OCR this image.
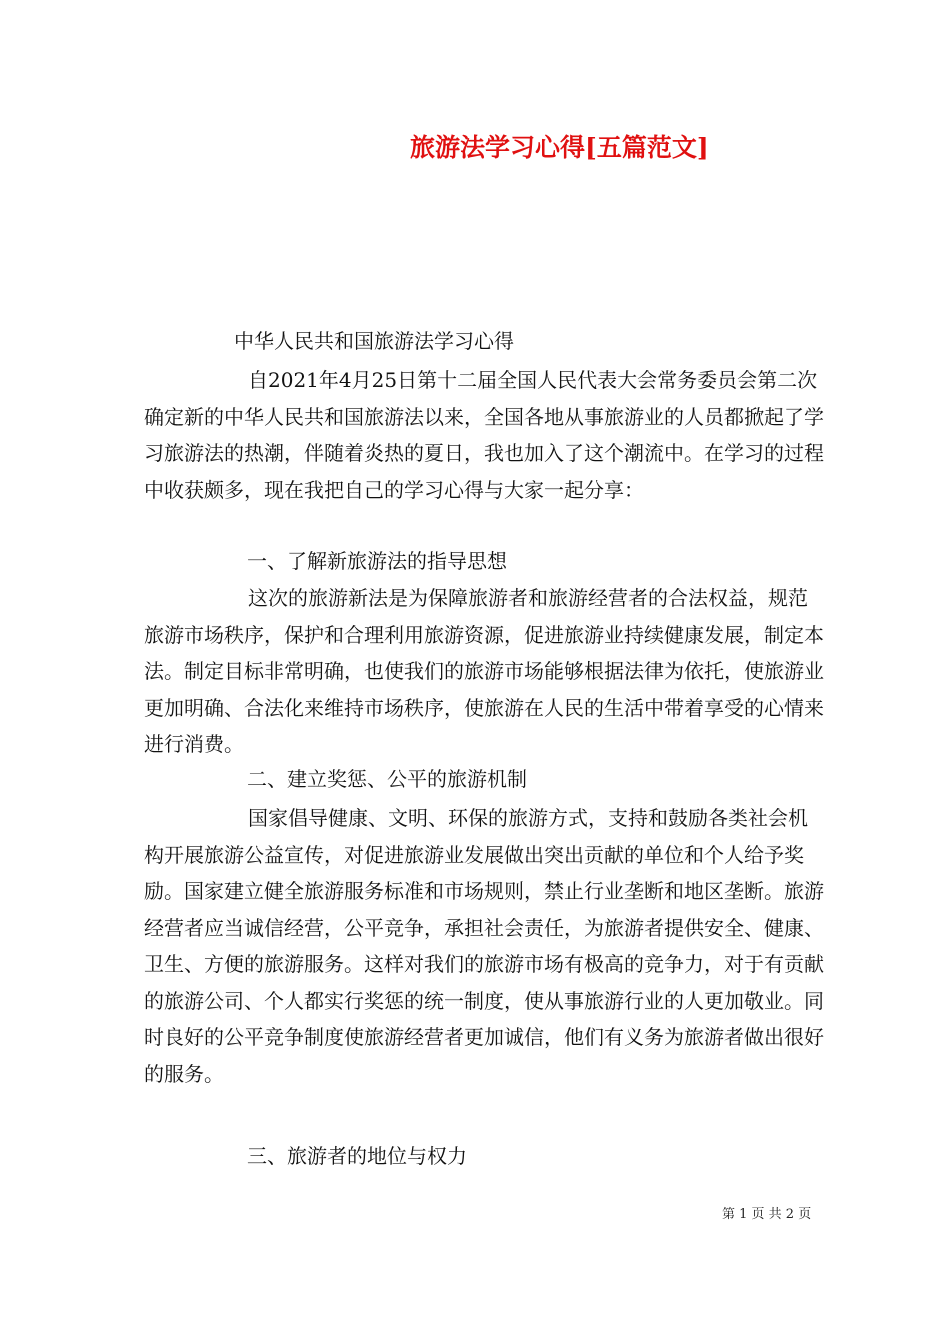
旅游法学习心得[五篇范文]
中华人民共和国旅游法学习心得
自2021年4月25日第十二届全国人民代表大会常务委员会第二次确定新的中华人民共和国旅游法以来，全国各地从事旅游业的人员都掀起了学习旅游法的热潮，伴随着炎热的夏日，我也加入了这个潮流中。在学习的过程中收获颇多，现在我把自己的学习心得与大家一起分享：
一、了解新旅游法的指导思想
这次的旅游新法是为保障旅游者和旅游经营者的合法权益，规范旅游市场秩序，保护和合理利用旅游资源，促进旅游业持续健康发展，制定本法。制定目标非常明确，也使我们的旅游市场能够根据法律为依托，使旅游业更加明确、合法化来维持市场秩序，使旅游在人民的生活中带着享受的心情来进行消费。
二、建立奖惩、公平的旅游机制
国家倡导健康、文明、环保的旅游方式，支持和鼓励各类社会机构开展旅游公益宣传，对促进旅游业发展做出突出贡献的单位和个人给予奖励。国家建立健全旅游服务标准和市场规则，禁止行业垄断和地区垄断。旅游经营者应当诚信经营，公平竞争，承担社会责任，为旅游者提供安全、健康、卫生、方便的旅游服务。这样对我们的旅游市场有极高的竞争力，对于有贡献的旅游公司、个人都实行奖惩的统一制度，使从事旅游行业的人更加敬业。同时良好的公平竞争制度使旅游经营者更加诚信，他们有义务为旅游者做出很好的服务。
三、旅游者的地位与权力
第 1 页 共 2 页
